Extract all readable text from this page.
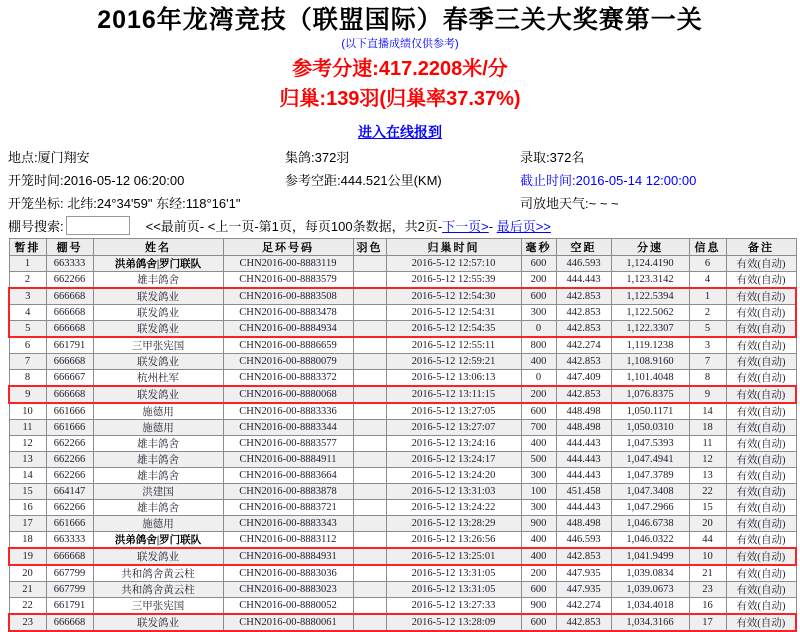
2016年龙湾竞技（联盟国际）春季三关大奖赛第一关
(以下直播成绩仅供参考)
参考分速:417.2208米/分
归巢:139羽(归巢率37.37%)
进入在线报到
地点:厦门翔安	集鸽:372羽	录取:372名
开笼时间:2016-05-12 06:20:00	参考空距:444.521公里(KM)	截止时间:2016-05-14 12:00:00
开笼坐标: 北纬:24°34'59" 东经:118°16'1"	司放地天气:~ ~ ~
棚号搜索:	<<最前页- <上一页-第1页，每页100条数据，共2页-下一页>- 最后页>>
暂排	棚号	姓名	足环号码	羽色	归巢时间	毫秒	空距	分速	信息	备注
1	663333	洪弟鸽舍|罗门联队	CHN2016-00-8883119		2016-5-12 12:57:10	600	446.593	1,124.4190	6	有效(自动)
2	662266	雄丰鸽舍	CHN2016-00-8883579		2016-5-12 12:55:39	200	444.443	1,123.3142	4	有效(自动)
3	666668	联发鸽业	CHN2016-00-8883508		2016-5-12 12:54:30	600	442.853	1,122.5394	1	有效(自动)
4	666668	联发鸽业	CHN2016-00-8883478		2016-5-12 12:54:31	300	442.853	1,122.5062	2	有效(自动)
5	666668	联发鸽业	CHN2016-00-8884934		2016-5-12 12:54:35	0	442.853	1,122.3307	5	有效(自动)
6	661791	三甲张宪国	CHN2016-00-8886659		2016-5-12 12:55:11	800	442.274	1,119.1238	3	有效(自动)
7	666668	联发鸽业	CHN2016-00-8880079		2016-5-12 12:59:21	400	442.853	1,108.9160	7	有效(自动)
8	666667	杭州杜军	CHN2016-00-8883372		2016-5-12 13:06:13	0	447.409	1,101.4048	8	有效(自动)
9	666668	联发鸽业	CHN2016-00-8880068		2016-5-12 13:11:15	200	442.853	1,076.8375	9	有效(自动)
10	661666	施德用	CHN2016-00-8883336		2016-5-12 13:27:05	600	448.498	1,050.1171	14	有效(自动)
11	661666	施德用	CHN2016-00-8883344		2016-5-12 13:27:07	700	448.498	1,050.0310	18	有效(自动)
12	662266	雄丰鸽舍	CHN2016-00-8883577		2016-5-12 13:24:16	400	444.443	1,047.5393	11	有效(自动)
13	662266	雄丰鸽舍	CHN2016-00-8884911		2016-5-12 13:24:17	500	444.443	1,047.4941	12	有效(自动)
14	662266	雄丰鸽舍	CHN2016-00-8883664		2016-5-12 13:24:20	300	444.443	1,047.3789	13	有效(自动)
15	664147	洪建国	CHN2016-00-8883878		2016-5-12 13:31:03	100	451.458	1,047.3408	22	有效(自动)
16	662266	雄丰鸽舍	CHN2016-00-8883721		2016-5-12 13:24:22	300	444.443	1,047.2966	15	有效(自动)
17	661666	施德用	CHN2016-00-8883343		2016-5-12 13:28:29	900	448.498	1,046.6738	20	有效(自动)
18	663333	洪弟鸽舍|罗门联队	CHN2016-00-8883112		2016-5-12 13:26:56	400	446.593	1,046.0322	44	有效(自动)
19	666668	联发鸽业	CHN2016-00-8884931		2016-5-12 13:25:01	400	442.853	1,041.9499	10	有效(自动)
20	667799	共和鸽舍黄云柱	CHN2016-00-8883036		2016-5-12 13:31:05	200	447.935	1,039.0834	21	有效(自动)
21	667799	共和鸽舍黄云柱	CHN2016-00-8883023		2016-5-12 13:31:05	600	447.935	1,039.0673	23	有效(自动)
22	661791	三甲张宪国	CHN2016-00-8880052		2016-5-12 13:27:33	900	442.274	1,034.4018	16	有效(自动)
23	666668	联发鸽业	CHN2016-00-8880061		2016-5-12 13:28:09	600	442.853	1,034.3166	17	有效(自动)
